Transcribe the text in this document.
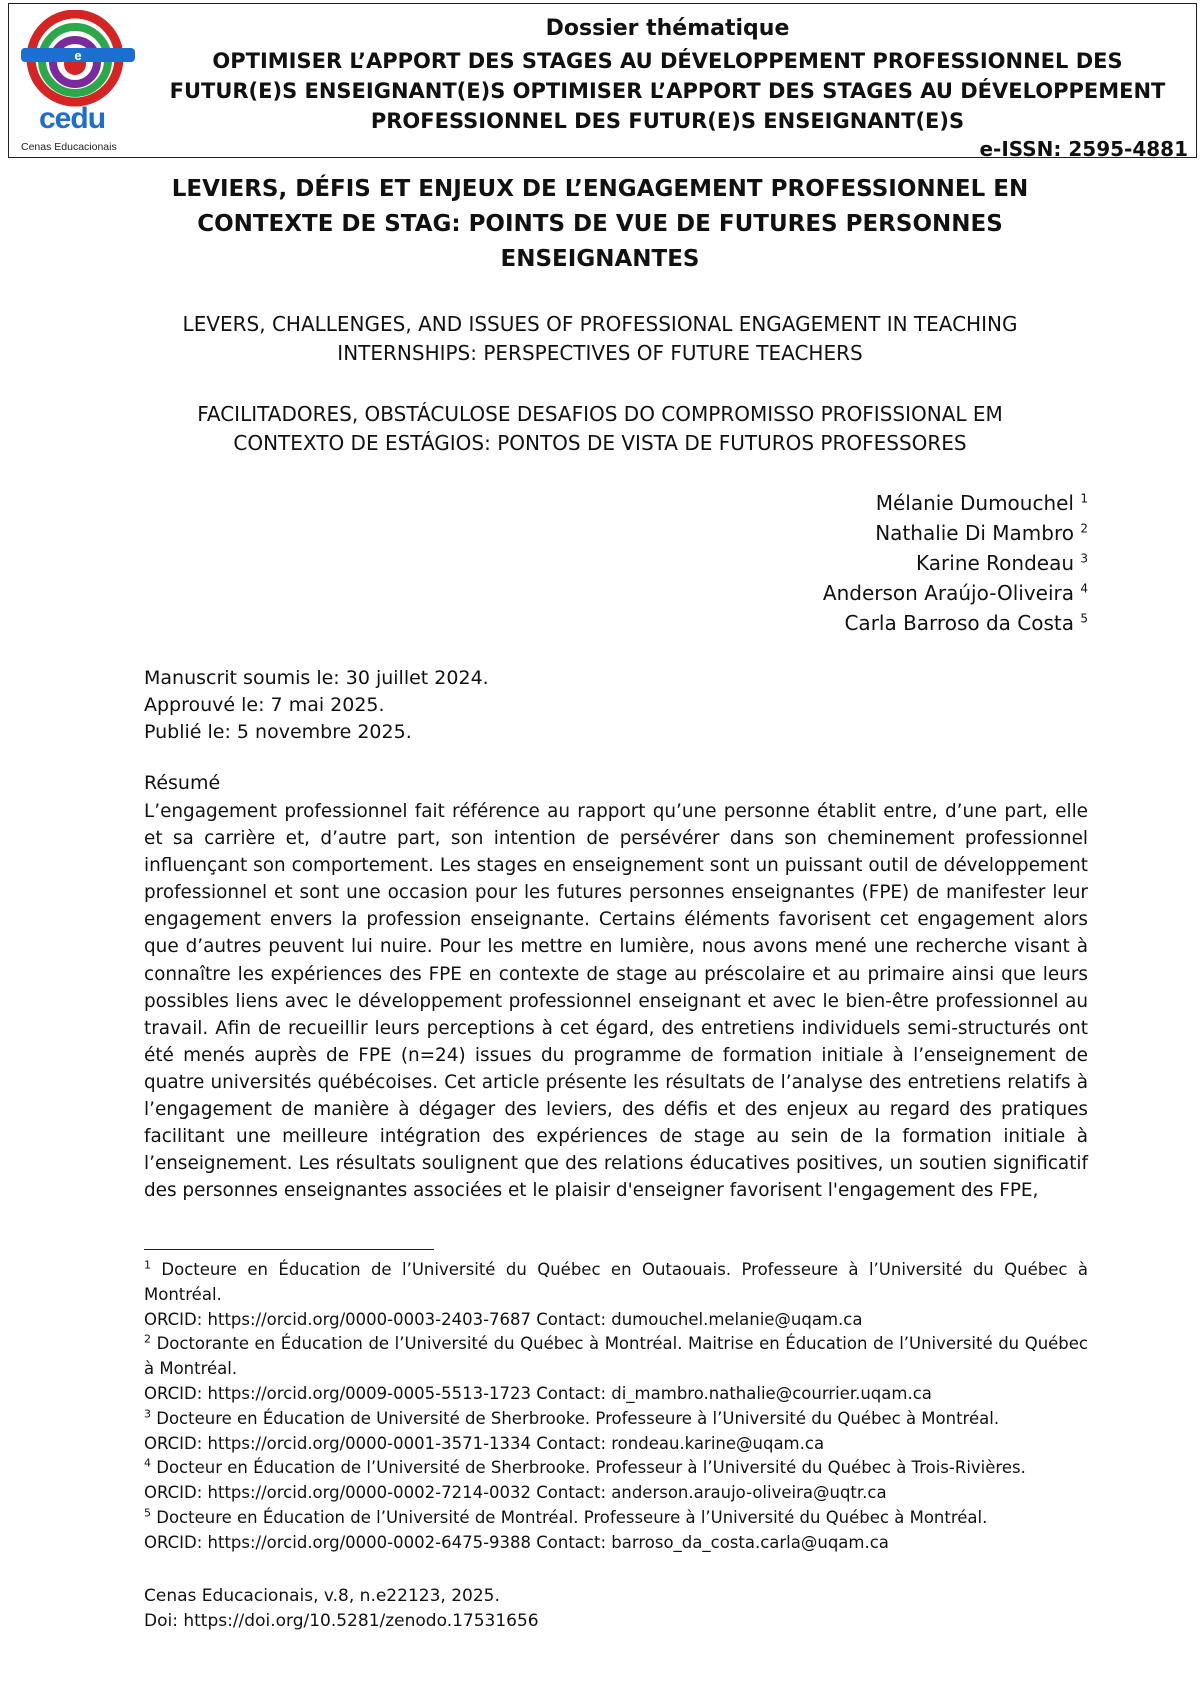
e
cedu
Cenas Educacionais
Dossier thématique
OPTIMISER L’APPORT DES STAGES AU DÉVELOPPEMENT PROFESSIONNEL DES FUTUR(E)S ENSEIGNANT(E)S OPTIMISER L’APPORT DES STAGES AU DÉVELOPPEMENT PROFESSIONNEL DES FUTUR(E)S ENSEIGNANT(E)S
e-ISSN: 2595-4881
LEVIERS, DÉFIS ET ENJEUX DE L’ENGAGEMENT PROFESSIONNEL EN CONTEXTE DE STAG: POINTS DE VUE DE FUTURES PERSONNES ENSEIGNANTES
LEVERS, CHALLENGES, AND ISSUES OF PROFESSIONAL ENGAGEMENT IN TEACHING INTERNSHIPS: PERSPECTIVES OF FUTURE TEACHERS
FACILITADORES, OBSTÁCULOSE DESAFIOS DO COMPROMISSO PROFISSIONAL EM CONTEXTO DE ESTÁGIOS: PONTOS DE VISTA DE FUTUROS PROFESSORES
Mélanie Dumouchel $^1$
Nathalie Di Mambro $^2$
Karine Rondeau $^3$
Anderson Araújo-Oliveira $^4$
Carla Barroso da Costa $^5$
Manuscrit soumis le: 30 juillet 2024.
Approuvé le: 7 mai 2025.
Publié le: 5 novembre 2025.
Résumé
L’engagement professionnel fait référence au rapport qu’une personne établit entre, d’une part, elle et sa carrière et, d’autre part, son intention de persévérer dans son cheminement professionnel influençant son comportement. Les stages en enseignement sont un puissant outil de développement professionnel et sont une occasion pour les futures personnes enseignantes (FPE) de manifester leur engagement envers la profession enseignante. Certains éléments favorisent cet engagement alors que d’autres peuvent lui nuire. Pour les mettre en lumière, nous avons mené une recherche visant à connaître les expériences des FPE en contexte de stage au préscolaire et au primaire ainsi que leurs possibles liens avec le développement professionnel enseignant et avec le bien-être professionnel au travail. Afin de recueillir leurs perceptions à cet égard, des entretiens individuels semi-structurés ont été menés auprès de FPE (n=24) issues du programme de formation initiale à l’enseignement de quatre universités québécoises. Cet article présente les résultats de l’analyse des entretiens relatifs à l’engagement de manière à dégager des leviers, des défis et des enjeux au regard des pratiques facilitant une meilleure intégration des expériences de stage au sein de la formation initiale à l’enseignement. Les résultats soulignent que des relations éducatives positives, un soutien significatif des personnes enseignantes associées et le plaisir d'enseigner favorisent l'engagement des FPE,

$^1$ Docteure en Éducation de l’Université du Québec en Outaouais. Professeure à l’Université du Québec à Montréal.

ORCID: https://orcid.org/0000-0003-2403-7687 Contact: dumouchel.melanie@uqam.ca

$^2$ Doctorante en Éducation de l’Université du Québec à Montréal. Maitrise en Éducation de l’Université du Québec à Montréal.

ORCID: https://orcid.org/0009-0005-5513-1723 Contact: di_mambro.nathalie@courrier.uqam.ca

$^3$ Docteure en Éducation de Université de Sherbrooke. Professeure à l’Université du Québec à Montréal.

ORCID: https://orcid.org/0000-0001-3571-1334 Contact: rondeau.karine@uqam.ca

$^4$ Docteur en Éducation de l’Université de Sherbrooke. Professeur à l’Université du Québec à Trois-Rivières.

ORCID: https://orcid.org/0000-0002-7214-0032 Contact: anderson.araujo-oliveira@uqtr.ca

$^5$ Docteure en Éducation de l’Université de Montréal. Professeure à l’Université du Québec à Montréal.

ORCID: https://orcid.org/0000-0002-6475-9388 Contact: barroso_da_costa.carla@uqam.ca

Cenas Educacionais, v.8, n.e22123, 2025.
Doi: https://doi.org/10.5281/zenodo.17531656
